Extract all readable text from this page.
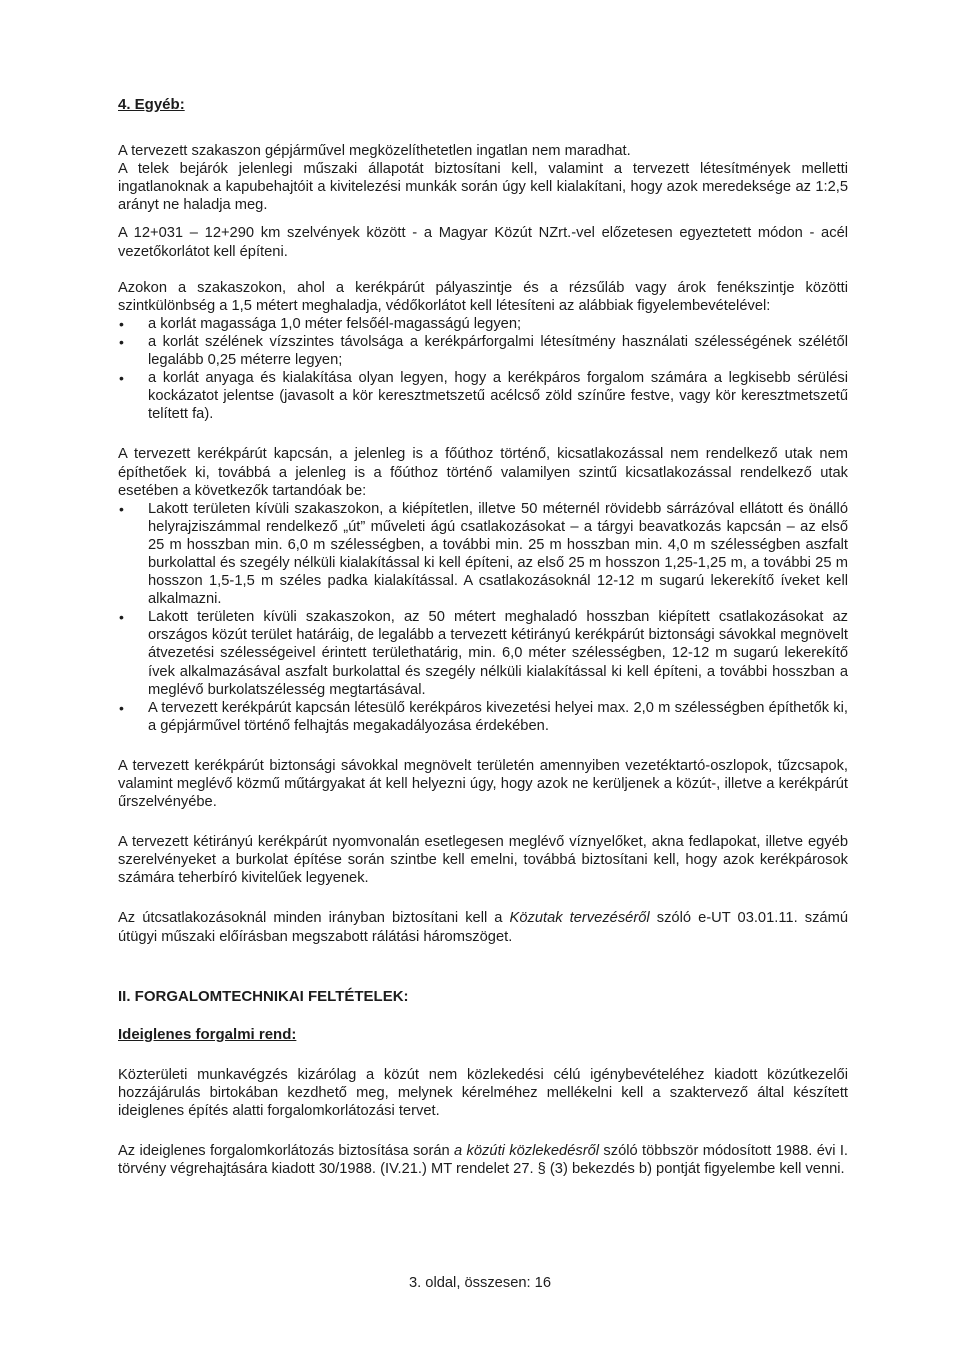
4. Egyéb:

A tervezett szakaszon gépjárművel megközelíthetetlen ingatlan nem maradhat.

A telek bejárók jelenlegi műszaki állapotát biztosítani kell, valamint a tervezett létesítmények melletti ingatlanoknak a kapubehajtóit a kivitelezési munkák során úgy kell kialakítani, hogy azok meredeksége az 1:2,5 arányt ne haladja meg.

A 12+031 – 12+290 km szelvények között - a Magyar Közút NZrt.-vel előzetesen egyeztetett módon - acél vezetőkorlátot kell építeni.

Azokon a szakaszokon, ahol a kerékpárút pályaszintje és a rézsűláb vagy árok fenékszintje közötti szintkülönbség a 1,5 métert meghaladja, védőkorlátot kell létesíteni az alábbiak figyelembevételével:

• a korlát magassága 1,0 méter felsőél-magasságú legyen;
• a korlát szélének vízszintes távolsága a kerékpárforgalmi létesítmény használati szélességének szélétől legalább 0,25 méterre legyen;
• a korlát anyaga és kialakítása olyan legyen, hogy a kerékpáros forgalom számára a legkisebb sérülési kockázatot jelentse (javasolt a kör keresztmetszetű acélcső zöld színűre festve, vagy kör keresztmetszetű telített fa).

A tervezett kerékpárút kapcsán, a jelenleg is a főúthoz történő, kicsatlakozással nem rendelkező utak nem építhetőek ki, továbbá a jelenleg is a főúthoz történő valamilyen szintű kicsatlakozással rendelkező utak esetében a következők tartandóak be:

• Lakott területen kívüli szakaszokon, a kiépítetlen, illetve 50 méternél rövidebb sárrázóval ellátott és önálló helyrajziszámmal rendelkező „út” műveleti ágú csatlakozásokat – a tárgyi beavatkozás kapcsán – az első 25 m hosszban min. 6,0 m szélességben, a további min. 25 m hosszban min. 4,0 m szélességben aszfalt burkolattal és szegély nélküli kialakítással ki kell építeni, az első 25 m hosszon 1,25-1,25 m, a további 25 m hosszon 1,5-1,5 m széles padka kialakítással. A csatlakozásoknál 12-12 m sugarú lekerekítő íveket kell alkalmazni.
• Lakott területen kívüli szakaszokon, az 50 métert meghaladó hosszban kiépített csatlakozásokat az országos közút terület határáig, de legalább a tervezett kétirányú kerékpárút biztonsági sávokkal megnövelt átvezetési szélességeivel érintett területhatárig, min. 6,0 méter szélességben, 12-12 m sugarú lekerekítő ívek alkalmazásával aszfalt burkolattal és szegély nélküli kialakítással ki kell építeni, a további hosszban a meglévő burkolatszélesség megtartásával.
• A tervezett kerékpárút kapcsán létesülő kerékpáros kivezetési helyei max. 2,0 m szélességben építhetők ki, a gépjárművel történő felhajtás megakadályozása érdekében.

A tervezett kerékpárút biztonsági sávokkal megnövelt területén amennyiben vezetéktartó-oszlopok, tűzcsapok, valamint meglévő közmű műtárgyakat át kell helyezni úgy, hogy azok ne kerüljenek a közút-, illetve a kerékpárút űrszelvényébe.

A tervezett kétirányú kerékpárút nyomvonalán esetlegesen meglévő víznyelőket, akna fedlapokat, illetve egyéb szerelvényeket a burkolat építése során szintbe kell emelni, továbbá biztosítani kell, hogy azok kerékpárosok számára teherbíró kivitelűek legyenek.

Az útcsatlakozásoknál minden irányban biztosítani kell a Közutak tervezéséről szóló e-UT 03.01.11. számú útügyi műszaki előírásban megszabott rálátási háromszöget.

II. FORGALOMTECHNIKAI FELTÉTELEK:

Ideiglenes forgalmi rend:

Közterületi munkavégzés kizárólag a közút nem közlekedési célú igénybevételéhez kiadott közútkezelői hozzájárulás birtokában kezdhető meg, melynek kérelméhez mellékelni kell a szaktervező által készített ideiglenes építés alatti forgalomkorlátozási tervet.

Az ideiglenes forgalomkorlátozás biztosítása során a közúti közlekedésről szóló többször módosított 1988. évi I. törvény végrehajtására kiadott 30/1988. (IV.21.) MT rendelet 27. § (3) bekezdés b) pontját figyelembe kell venni.

3. oldal, összesen: 16
